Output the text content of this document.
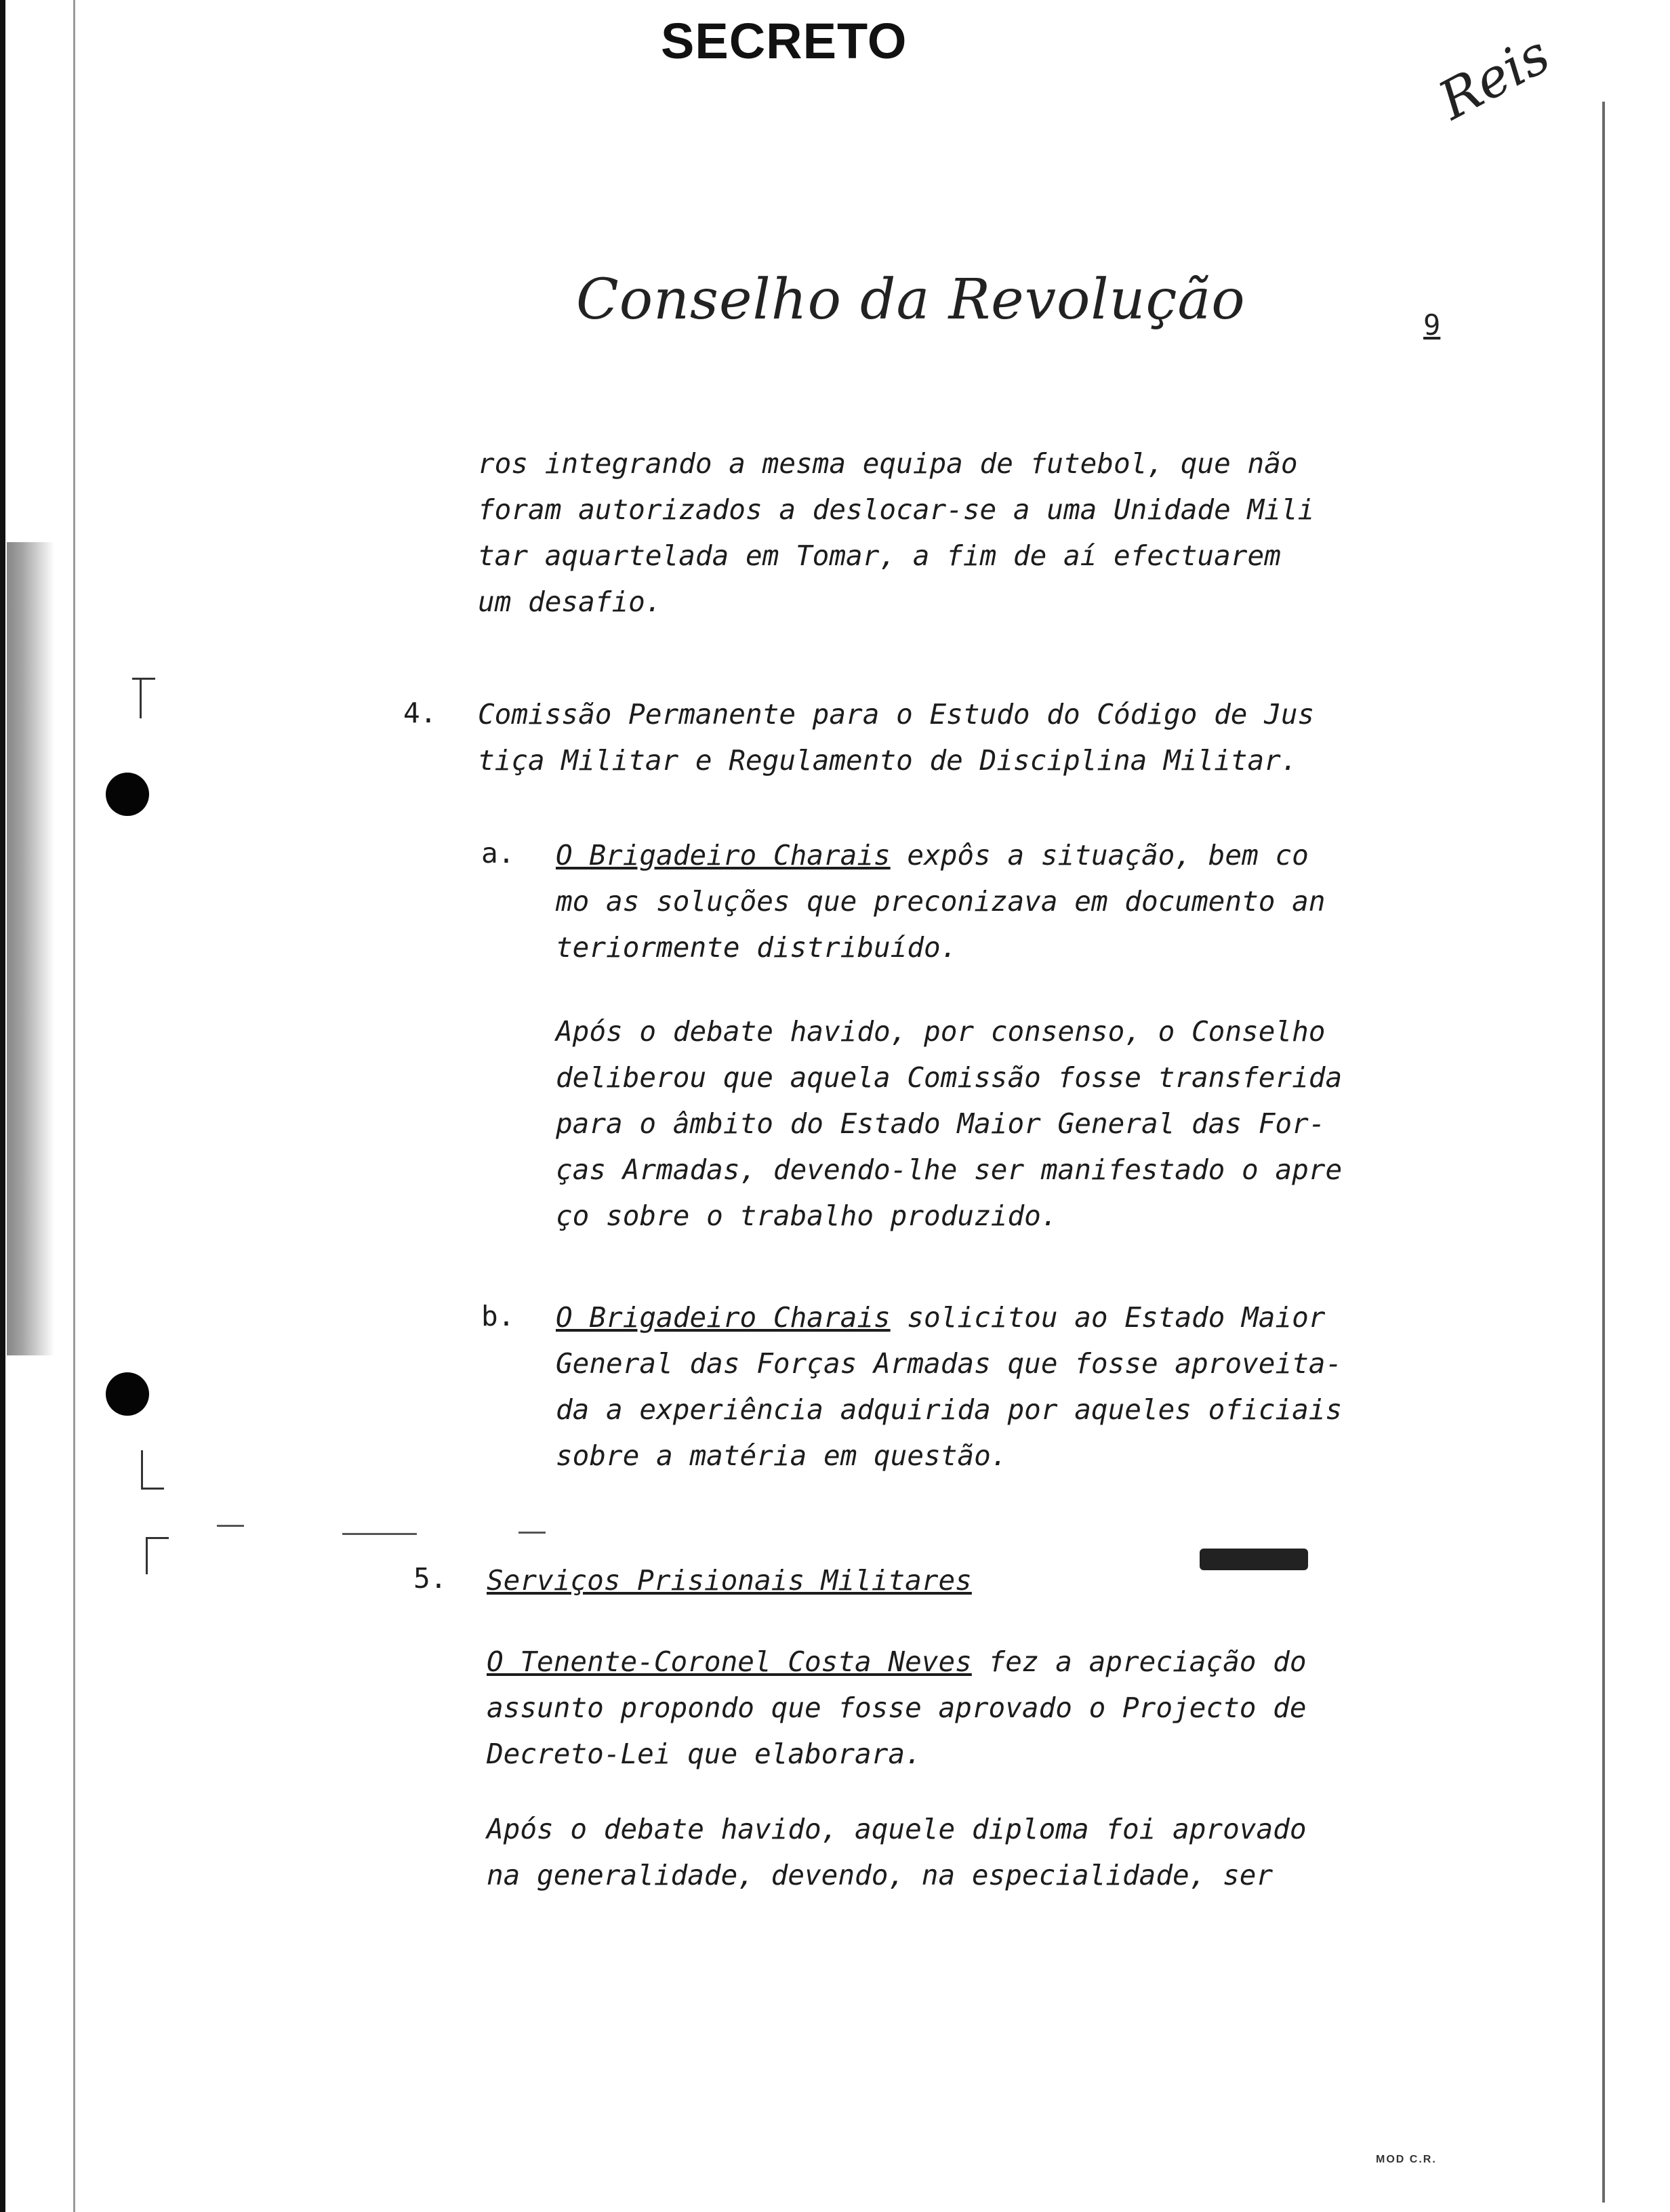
SECRETO	Reis
Conselho da Revolução	9
ros integrando a mesma equipa de futebol, que não
foram autorizados a deslocar-se a uma Unidade Mili
tar aquartelada em Tomar, a fim de aí efectuarem
um desafio.
4. Comissão Permanente para o Estudo do Código de Jus
tiça Militar e Regulamento de Disciplina Militar.
a. O Brigadeiro Charais expôs a situação, bem co
mo as soluções que preconizava em documento an
teriormente distribuído.
Após o debate havido, por consenso, o Conselho
deliberou que aquela Comissão fosse transferida
para o âmbito do Estado Maior General das For-
ças Armadas, devendo-lhe ser manifestado o apre
ço sobre o trabalho produzido.
b. O Brigadeiro Charais solicitou ao Estado Maior
General das Forças Armadas que fosse aproveita-
da a experiência adquirida por aqueles oficiais
sobre a matéria em questão.
5. Serviços Prisionais Militares
O Tenente-Coronel Costa Neves fez a apreciação do
assunto propondo que fosse aprovado o Projecto de
Decreto-Lei que elaborara.
Após o debate havido, aquele diploma foi aprovado
na generalidade, devendo, na especialidade, ser
MOD C.R.
